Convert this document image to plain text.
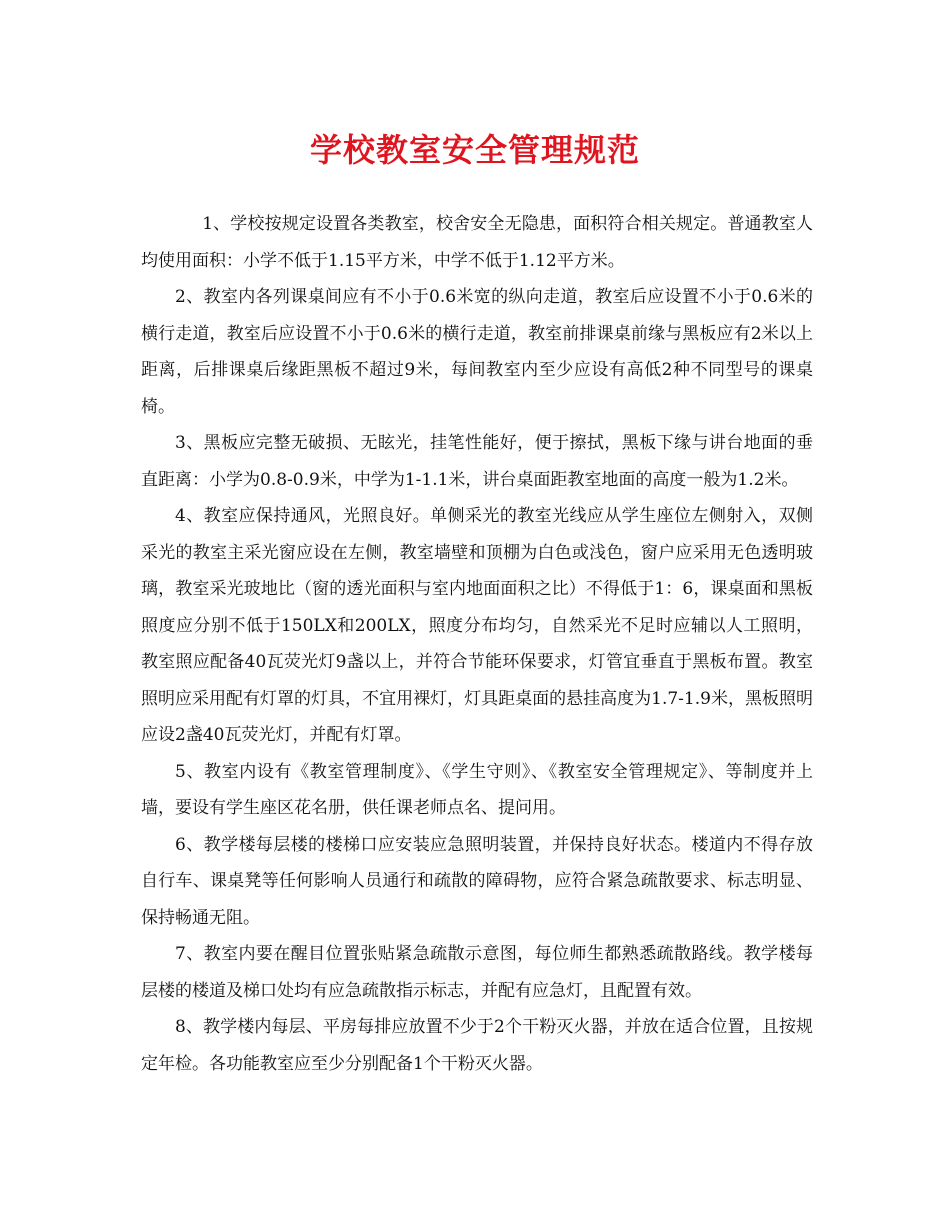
学校教室安全管理规范

1、学校按规定设置各类教室，校舍安全无隐患，面积符合相关规定。普通教室人均使用面积：小学不低于1.15平方米，中学不低于1.12平方米。

2、教室内各列课桌间应有不小于0.6米宽的纵向走道，教室后应设置不小于0.6米的横行走道，教室后应设置不小于0.6米的横行走道，教室前排课桌前缘与黑板应有2米以上距离，后排课桌后缘距黑板不超过9米，每间教室内至少应设有高低2种不同型号的课桌椅。

3、黑板应完整无破损、无眩光，挂笔性能好，便于擦拭，黑板下缘与讲台地面的垂直距离：小学为0.8-0.9米，中学为1-1.1米，讲台桌面距教室地面的高度一般为1.2米。

4、教室应保持通风，光照良好。单侧采光的教室光线应从学生座位左侧射入，双侧采光的教室主采光窗应设在左侧，教室墙壁和顶棚为白色或浅色，窗户应采用无色透明玻璃，教室采光玻地比（窗的透光面积与室内地面面积之比）不得低于1：6，课桌面和黑板照度应分别不低于150LX和200LX，照度分布均匀，自然采光不足时应辅以人工照明，教室照应配备40瓦荧光灯9盏以上，并符合节能环保要求，灯管宜垂直于黑板布置。教室照明应采用配有灯罩的灯具，不宜用裸灯，灯具距桌面的悬挂高度为1.7-1.9米，黑板照明应设2盏40瓦荧光灯，并配有灯罩。

5、教室内设有《教室管理制度》、《学生守则》、《教室安全管理规定》、等制度并上墙，要设有学生座区花名册，供任课老师点名、提问用。

6、教学楼每层楼的楼梯口应安装应急照明装置，并保持良好状态。楼道内不得存放自行车、课桌凳等任何影响人员通行和疏散的障碍物，应符合紧急疏散要求、标志明显、保持畅通无阻。

7、教室内要在醒目位置张贴紧急疏散示意图，每位师生都熟悉疏散路线。教学楼每层楼的楼道及梯口处均有应急疏散指示标志，并配有应急灯，且配置有效。

8、教学楼内每层、平房每排应放置不少于2个干粉灭火器，并放在适合位置，且按规定年检。各功能教室应至少分别配备1个干粉灭火器。
